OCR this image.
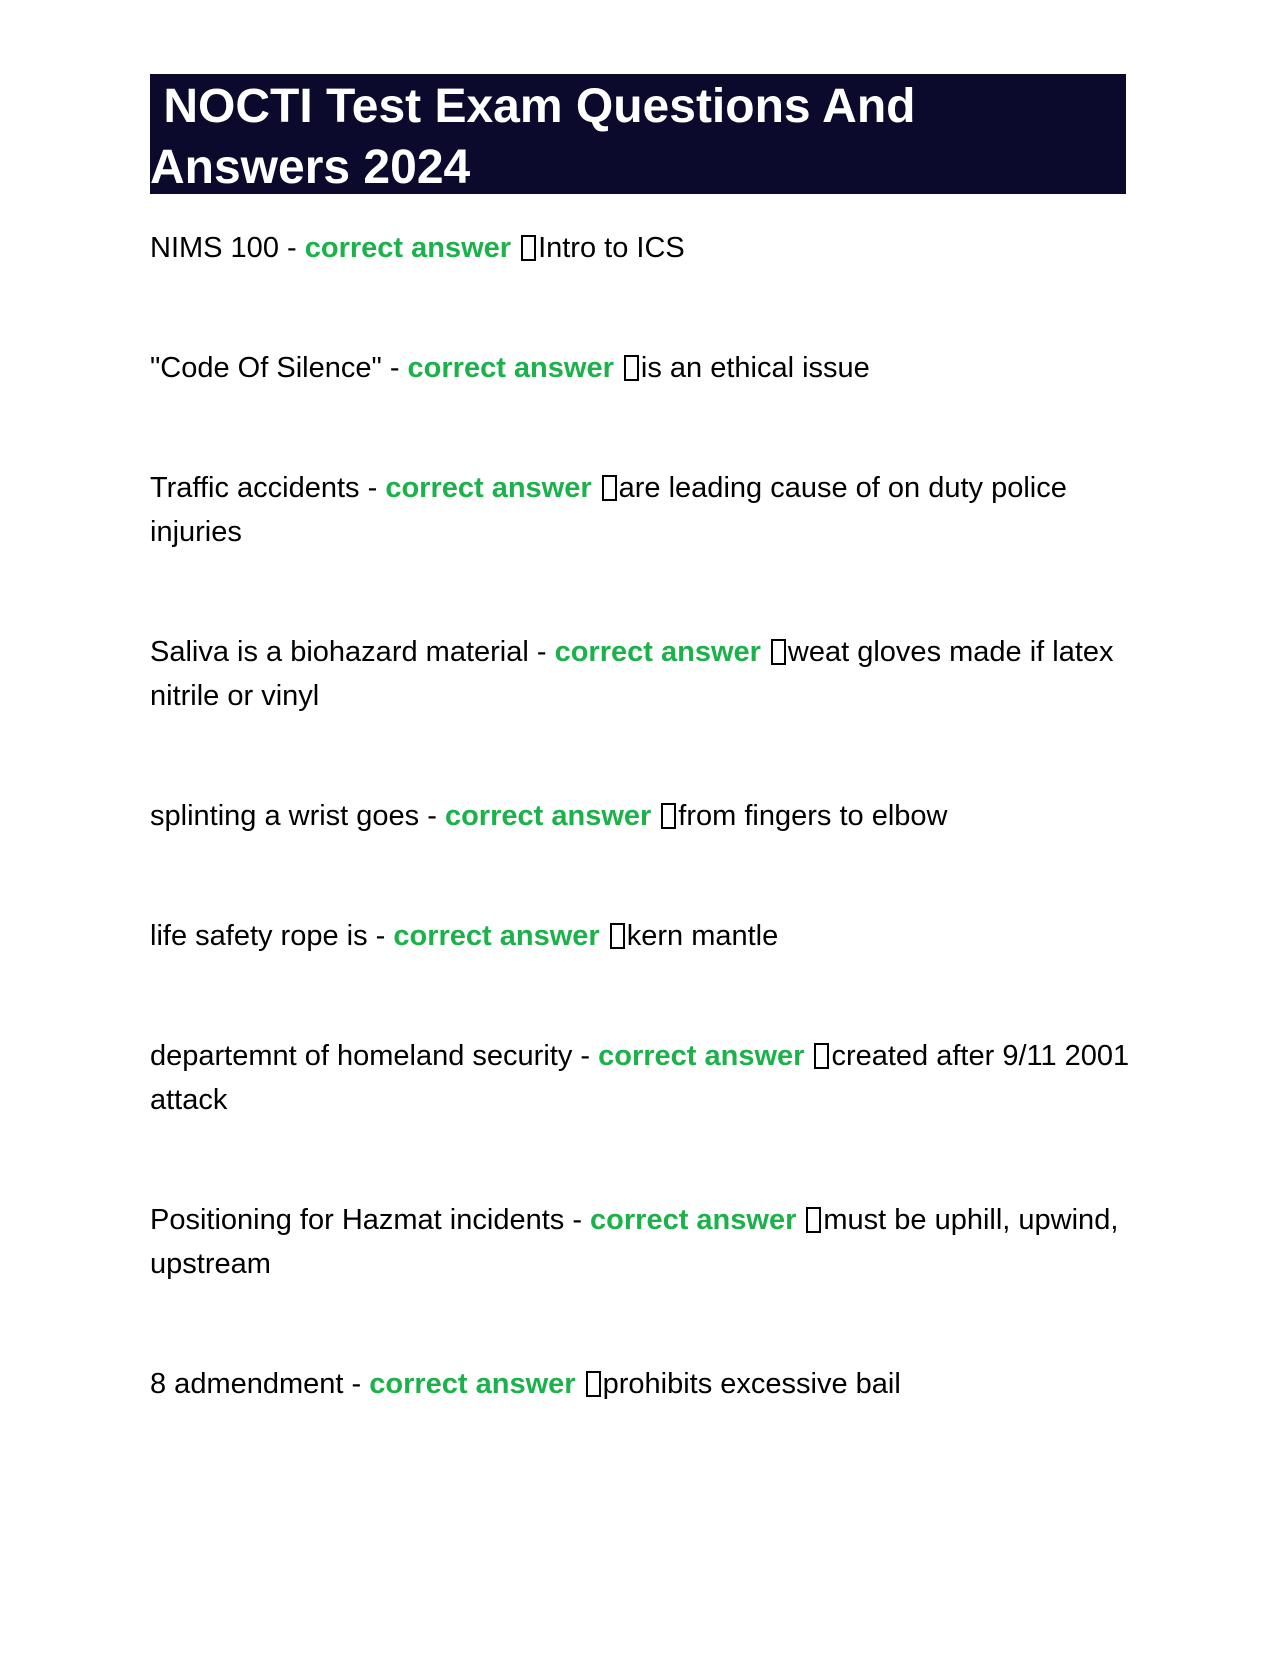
NOCTI Test Exam Questions And Answers 2024

NIMS 100 - correct answer Intro to ICS

"Code Of Silence" - correct answer is an ethical issue

Traffic accidents - correct answer are leading cause of on duty police injuries

Saliva is a biohazard material - correct answer weat gloves made if latex nitrile or vinyl

splinting a wrist goes - correct answer from fingers to elbow

life safety rope is - correct answer kern mantle

departemnt of homeland security - correct answer created after 9/11 2001 attack

Positioning for Hazmat incidents - correct answer must be uphill, upwind, upstream

8 admendment - correct answer prohibits excessive bail
